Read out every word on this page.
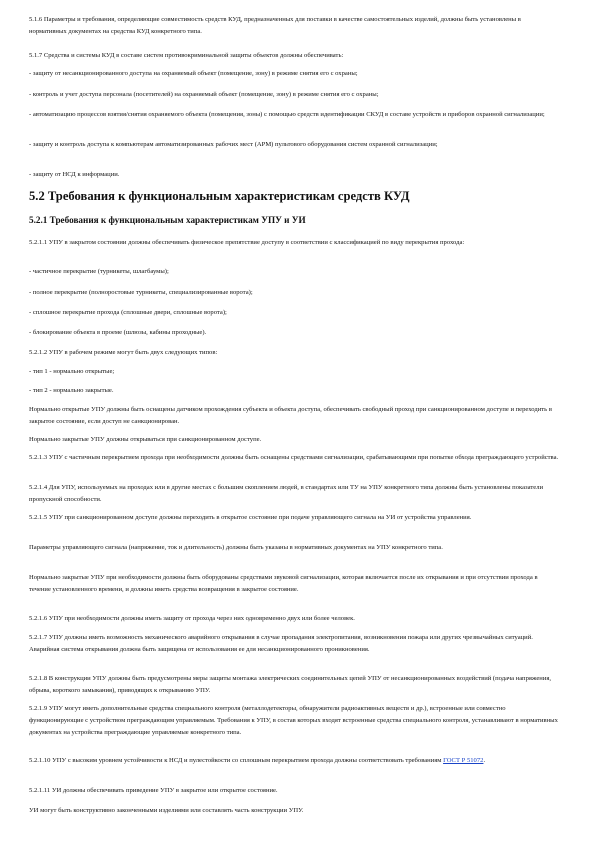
5.1.6 Параметры и требования, определяющие совместимость средств КУД, предназначенных для поставки в качестве самостоятельных изделий, должны быть установлены в нормативных документах на средства КУД конкретного типа.

5.1.7 Средства и системы КУД в составе систем противокриминальной защиты объектов должны обеспечивать:

- защиту от несанкционированного доступа на охраняемый объект (помещение, зону) в режиме снятия его с охраны;

- контроль и учет доступа персонала (посетителей) на охраняемый объект (помещение, зону) в режиме снятия его с охраны;

- автоматизацию процессов взятия/снятия охраняемого объекта (помещения, зоны) с помощью средств идентификации СКУД в составе устройств и приборов охранной сигнализации;

- защиту и контроль доступа к компьютерам автоматизированных рабочих мест (АРМ) пультового оборудования систем охранной сигнализации;

- защиту от НСД к информации.

5.2 Требования к функциональным характеристикам средств КУД
5.2.1 Требования к функциональным характеристикам УПУ и УИ

5.2.1.1 УПУ в закрытом состоянии должны обеспечивать физическое препятствие доступу в соответствии с классификацией по виду перекрытия прохода:

- частичное перекрытие (турникеты, шлагбаумы);

- полное перекрытие (полноростовые турникеты, специализированные ворота);

- сплошное перекрытие прохода (сплошные двери, сплошные ворота);

- блокирование объекта в проеме (шлюзы, кабины проходные).

5.2.1.2 УПУ в рабочем режиме могут быть двух следующих типов:

- тип 1 - нормально открытые;

- тип 2 - нормально закрытые.

Нормально открытые УПУ должны быть оснащены датчиком прохождения субъекта и объекта доступа, обеспечивать свободный проход при санкционированном доступе и переходить в закрытое состояние, если доступ не санкционирован.

Нормально закрытые УПУ должны открываться при санкционированном доступе.

5.2.1.3 УПУ с частичным перекрытием прохода при необходимости должны быть оснащены средствами сигнализации, срабатывающими при попытке обхода преграждающего устройства.

5.2.1.4 Для УПУ, используемых на проходах или в другие местах с большим скоплением людей, в стандартах или ТУ на УПУ конкретного типа должны быть установлены показатели пропускной способности.

5.2.1.5 УПУ при санкционированном доступе должны переходить в открытое состояние при подаче управляющего сигнала на УИ от устройства управления.

Параметры управляющего сигнала (напряжение, ток и длительность) должны быть указаны в нормативных документах на УПУ конкретного типа.

Нормально закрытые УПУ при необходимости должны быть оборудованы средствами звуковой сигнализации, которая включается после их открывания и при отсутствии прохода в течение установленного времени, и должны иметь средства возвращения в закрытое состояние.

5.2.1.6 УПУ при необходимости должны иметь защиту от прохода через них одновременно двух или более человек.

5.2.1.7 УПУ должны иметь возможность механического аварийного открывания в случае пропадания электропитания, возникновения пожара или других чрезвычайных ситуаций. Аварийная система открывания должна быть защищена от использования ее для несанкционированного проникновения.

5.2.1.8 В конструкции УПУ должны быть предусмотрены меры защиты монтажа электрических соединительных цепей УПУ от несанкционированных воздействий (подача напряжения, обрыва, короткого замыкания), приводящих к открыванию УПУ.

5.2.1.9 УПУ могут иметь дополнительные средства специального контроля (металлодетекторы, обнаружители радиоактивных веществ и др.), встроенные или совместно функционирующие с устройством преграждающим управляемым. Требования к УПУ, в состав которых входят встроенные средства специального контроля, устанавливают в нормативных документах на устройства преграждающие управляемые конкретного типа.

5.2.1.10 УПУ с высоким уровнем устойчивости к НСД и пулестойкости со сплошным перекрытием прохода должны соответствовать требованиям ГОСТ Р 51072.

5.2.1.11 УИ должны обеспечивать приведение УПУ в закрытое или открытое состояние.

УИ могут быть конструктивно законченными изделиями или составлять часть конструкции УПУ.
